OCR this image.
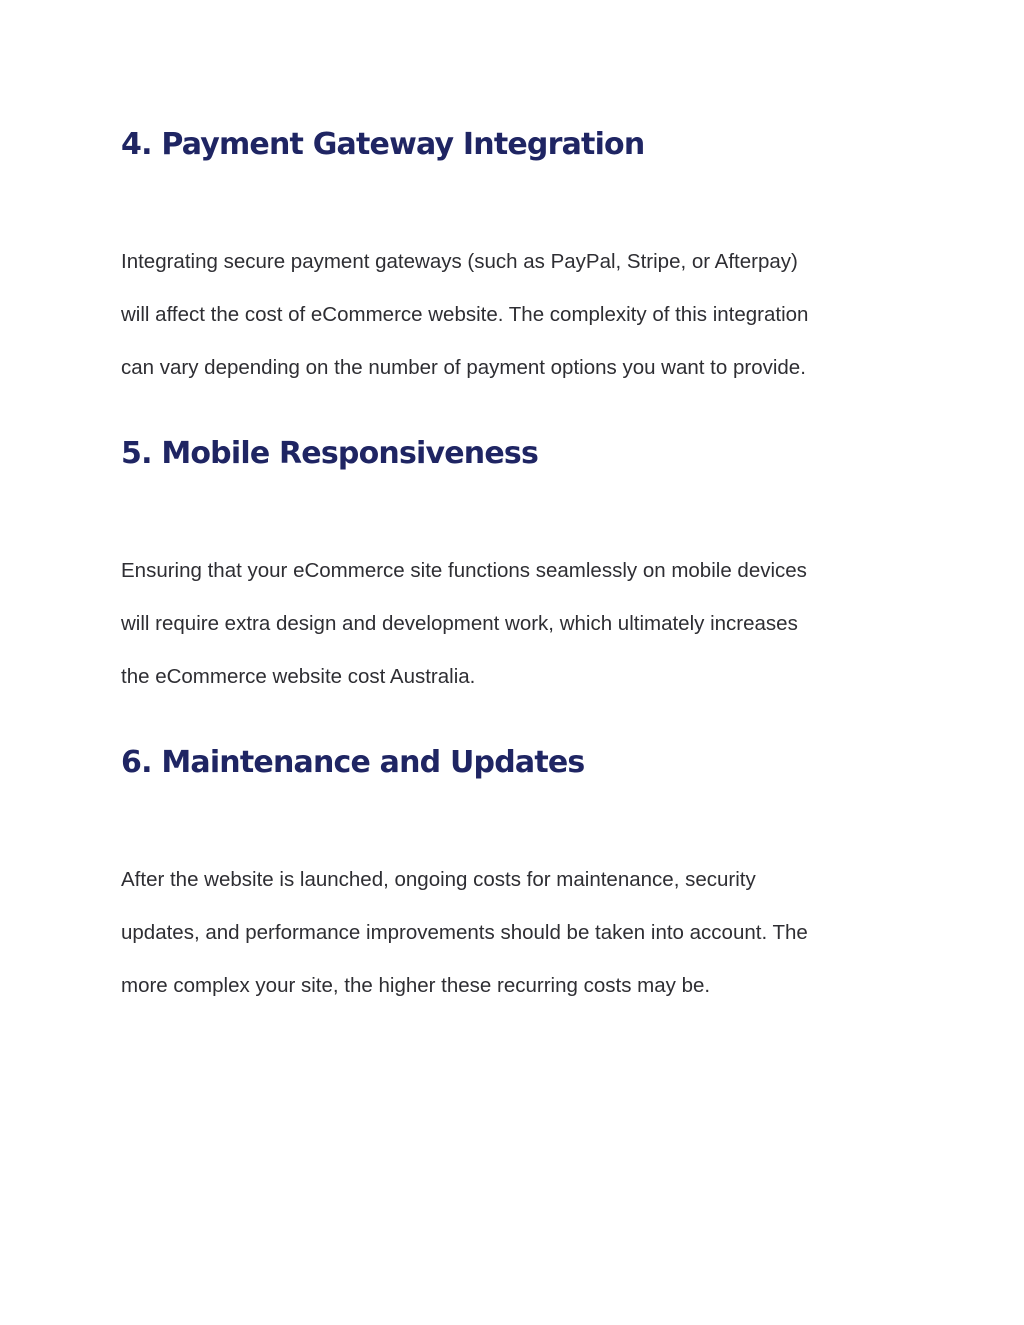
4. Payment Gateway Integration

Integrating secure payment gateways (such as PayPal, Stripe, or Afterpay)

will affect the cost of eCommerce website. The complexity of this integration

can vary depending on the number of payment options you want to provide.

5. Mobile Responsiveness

Ensuring that your eCommerce site functions seamlessly on mobile devices

will require extra design and development work, which ultimately increases

the eCommerce website cost Australia.

6. Maintenance and Updates

After the website is launched, ongoing costs for maintenance, security

updates, and performance improvements should be taken into account. The

more complex your site, the higher these recurring costs may be.
